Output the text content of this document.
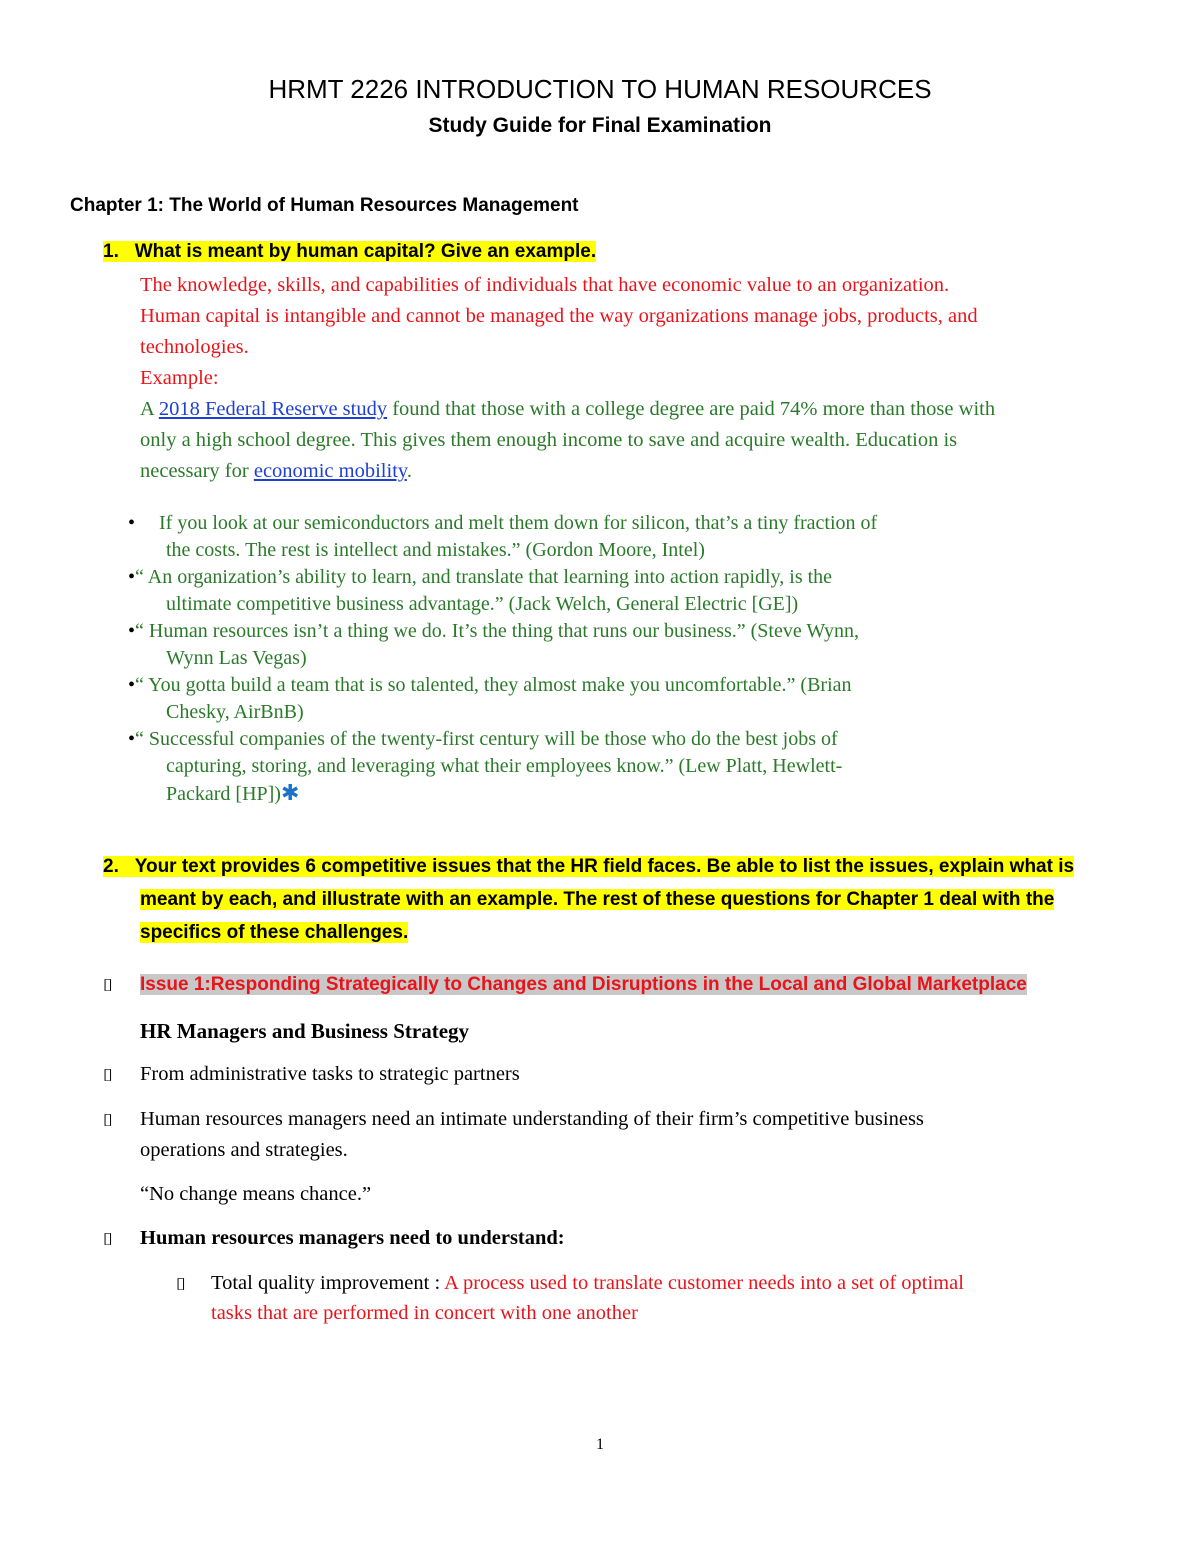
HRMT 2226 INTRODUCTION TO HUMAN RESOURCES
Study Guide for Final Examination
Chapter 1: The World of Human Resources Management
1. What is meant by human capital? Give an example.
The knowledge, skills, and capabilities of individuals that have economic value to an organization.
Human capital is intangible and cannot be managed the way organizations manage jobs, products, and
technologies.
Example:
A 2018 Federal Reserve study found that those with a college degree are paid 74% more than those with
only a high school degree. This gives them enough income to save and acquire wealth. Education is
necessary for economic mobility.
• If you look at our semiconductors and melt them down for silicon, that’s a tiny fraction of
the costs. The rest is intellect and mistakes.” (Gordon Moore, Intel)
•“ An organization’s ability to learn, and translate that learning into action rapidly, is the
ultimate competitive business advantage.” (Jack Welch, General Electric [GE])
•“ Human resources isn’t a thing we do. It’s the thing that runs our business.” (Steve Wynn,
Wynn Las Vegas)
•“ You gotta build a team that is so talented, they almost make you uncomfortable.” (Brian
Chesky, AirBnB)
•“ Successful companies of the twenty-first century will be those who do the best jobs of
capturing, storing, and leveraging what their employees know.” (Lew Platt, Hewlett-
Packard [HP])✱
2. Your text provides 6 competitive issues that the HR field faces. Be able to list the issues, explain what is
meant by each, and illustrate with an example. The rest of these questions for Chapter 1 deal with the
specifics of these challenges.
⌷ Issue 1:Responding Strategically to Changes and Disruptions in the Local and Global Marketplace
HR Managers and Business Strategy
⌷ From administrative tasks to strategic partners
⌷ Human resources managers need an intimate understanding of their firm’s competitive business
operations and strategies.
“No change means chance.”
⌷ Human resources managers need to understand:
⌷ Total quality improvement : A process used to translate customer needs into a set of optimal
tasks that are performed in concert with one another
1
